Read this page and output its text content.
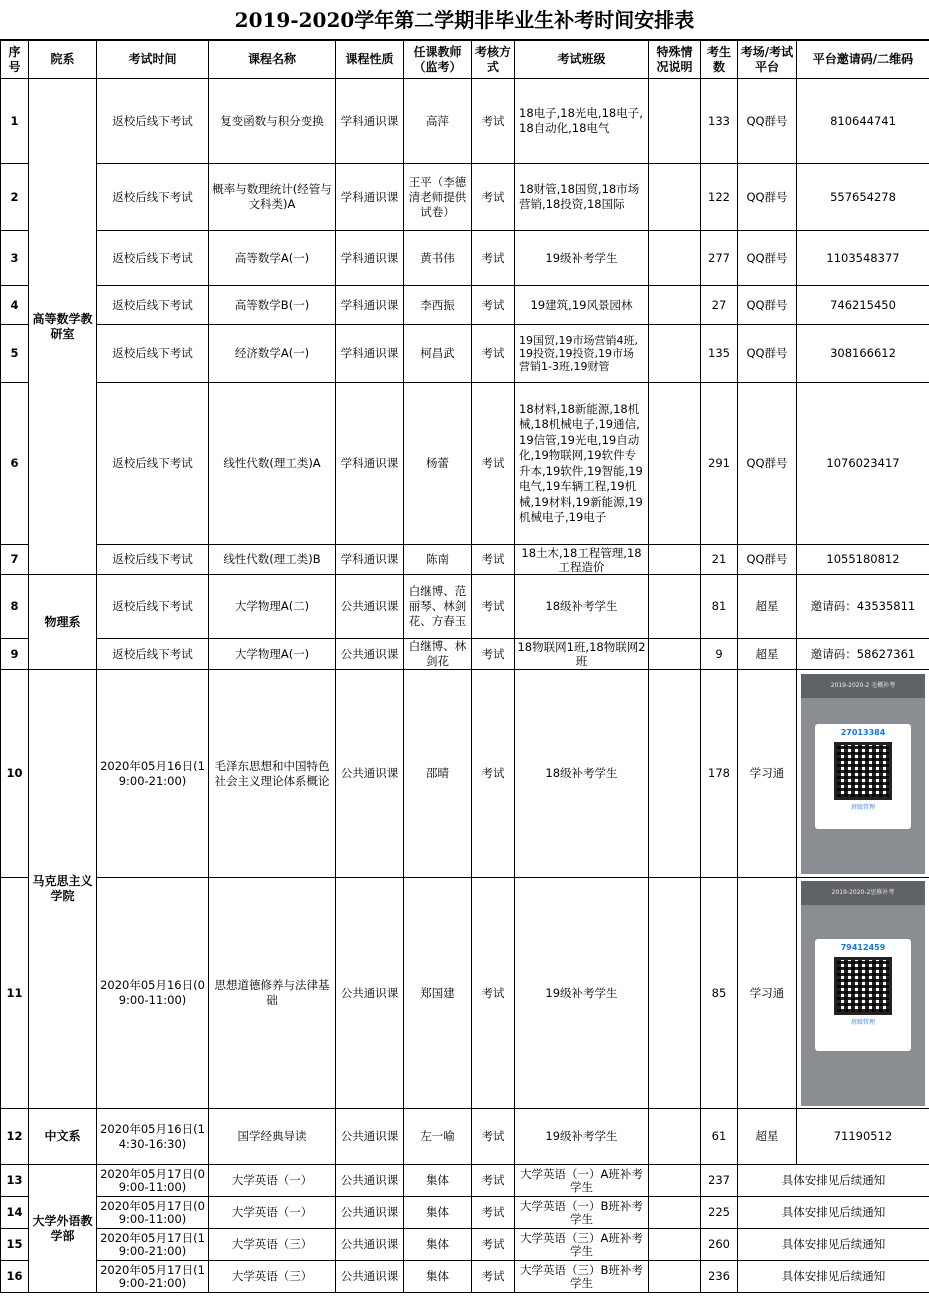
2019-2020学年第二学期非毕业生补考时间安排表
序号	院系	考试时间	课程名称	课程性质	任课教师（监考）	考核方式	考试班级	特殊情况说明	考生数	考场/考试平台	平台邀请码/二维码
1	高等数学教研室	返校后线下考试	复变函数与积分变换	学科通识课	高萍	考试	18电子,18光电,18电子,18自动化,18电气		133	QQ群号	810644741
2		返校后线下考试	概率与数理统计(经管与文科类)A	学科通识课	王平（李德清老师提供试卷）	考试	18财管,18国贸,18市场营销,18投资,18国际		122	QQ群号	557654278
3		返校后线下考试	高等数学A(一)	学科通识课	黄书伟	考试	19级补考学生		277	QQ群号	1103548377
4		返校后线下考试	高等数学B(一)	学科通识课	李西振	考试	19建筑,19风景园林		27	QQ群号	746215450
5		返校后线下考试	经济数学A(一)	学科通识课	柯昌武	考试	19国贸,19市场营销4班,19投资,19投资,19市场营销1-3班,19财管		135	QQ群号	308166612
6		返校后线下考试	线性代数(理工类)A	学科通识课	杨蕾	考试	18材料,18新能源,18机械,18机械电子,19通信,19信管,19光电,19自动化,19物联网,19软件专升本,19软件,19智能,19电气,19车辆工程,19机械,19材料,19新能源,19机械电子,19电子		291	QQ群号	1076023417
7		返校后线下考试	线性代数(理工类)B	学科通识课	陈南	考试	18土木,18工程管理,18工程造价		21	QQ群号	1055180812
8	物理系	返校后线下考试	大学物理A(二)	公共通识课	白继博、范丽琴、林剑花、方春玉	考试	18级补考学生		81	超星	邀请码：43535811
9		返校后线下考试	大学物理A(一)	公共通识课	白继博、林剑花	考试	18物联网1班,18物联网2班		9	超星	邀请码：58627361
10	马克思主义学院	2020年05月16日(19:00-21:00)	毛泽东思想和中国特色社会主义理论体系概论	公共通识课	邵晴	考试	18级补考学生		178	学习通	2019-2020-2 毛概补考
27013384
班级管理

11		2020年05月16日(09:00-11:00)	思想道德修养与法律基础	公共通识课	郑国建	考试	19级补考学生		85	学习通	2019-2020-2思修补考
79412459
班级管理

12	中文系	2020年05月16日(14:30-16:30)	国学经典导读	公共通识课	左一喻	考试	19级补考学生		61	超星	71190512
13	大学外语教学部	2020年05月17日(09:00-11:00)	大学英语（一）	公共通识课	集体	考试	大学英语（一）A班补考学生		237	具体安排见后续通知	
14		2020年05月17日(09:00-11:00)	大学英语（一）	公共通识课	集体	考试	大学英语（一）B班补考学生		225	具体安排见后续通知	
15		2020年05月17日(19:00-21:00)	大学英语（三）	公共通识课	集体	考试	大学英语（三）A班补考学生		260	具体安排见后续通知	
16		2020年05月17日(19:00-21:00)	大学英语（三）	公共通识课	集体	考试	大学英语（三）B班补考学生		236	具体安排见后续通知	
